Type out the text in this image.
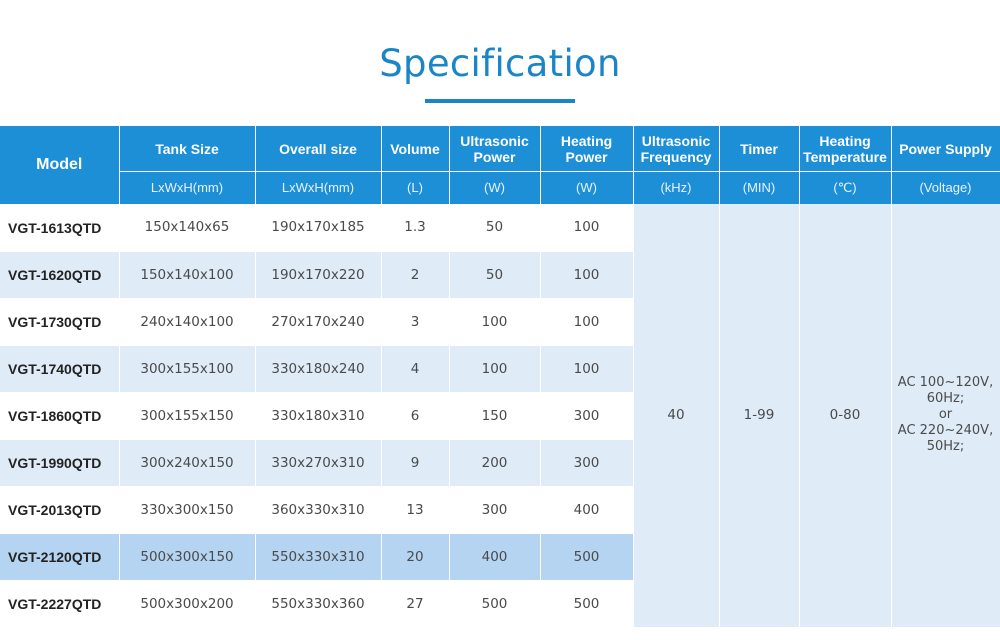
Specification
Model	Tank Size	Overall size	Volume	Ultrasonic Power	Heating Power	Ultrasonic Frequency	Timer	Heating Temperature	Power Supply
	LxWxH(mm)	LxWxH(mm)	(L)	(W)	(W)	(kHz)	(MIN)	(℃)	(Voltage)
VGT-1613QTD	150x140x65	190x170x185	1.3	50	100	40	1-99	0-80	AC 100~120V,
60Hz;
or
AC 220~240V,
50Hz;

VGT-1620QTD	150x140x100	190x170x220	2	50	100				
VGT-1730QTD	240x140x100	270x170x240	3	100	100				
VGT-1740QTD	300x155x100	330x180x240	4	100	100				
VGT-1860QTD	300x155x150	330x180x310	6	150	300				
VGT-1990QTD	300x240x150	330x270x310	9	200	300				
VGT-2013QTD	330x300x150	360x330x310	13	300	400				
VGT-2120QTD	500x300x150	550x330x310	20	400	500				
VGT-2227QTD	500x300x200	550x330x360	27	500	500				
